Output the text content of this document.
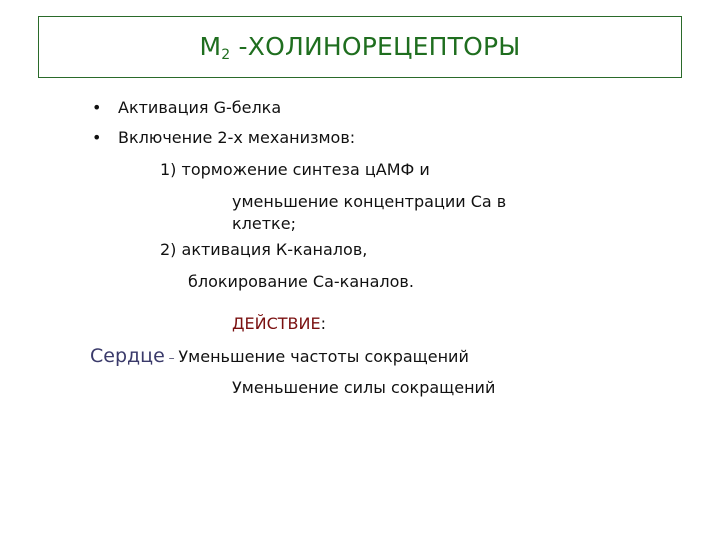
$M_2$ -ХОЛИНОРЕЦЕПТОРЫ
• Активация G-белка
• Включение 2-х механизмов:
1) торможение синтеза цАМФ и
уменьшение концентрации Са в
клетке;
2) активация К-каналов,
блокирование Са-каналов.
ДЕЙСТВИЕ:
Сердце – Уменьшение частоты сокращений
Уменьшение силы сокращений
